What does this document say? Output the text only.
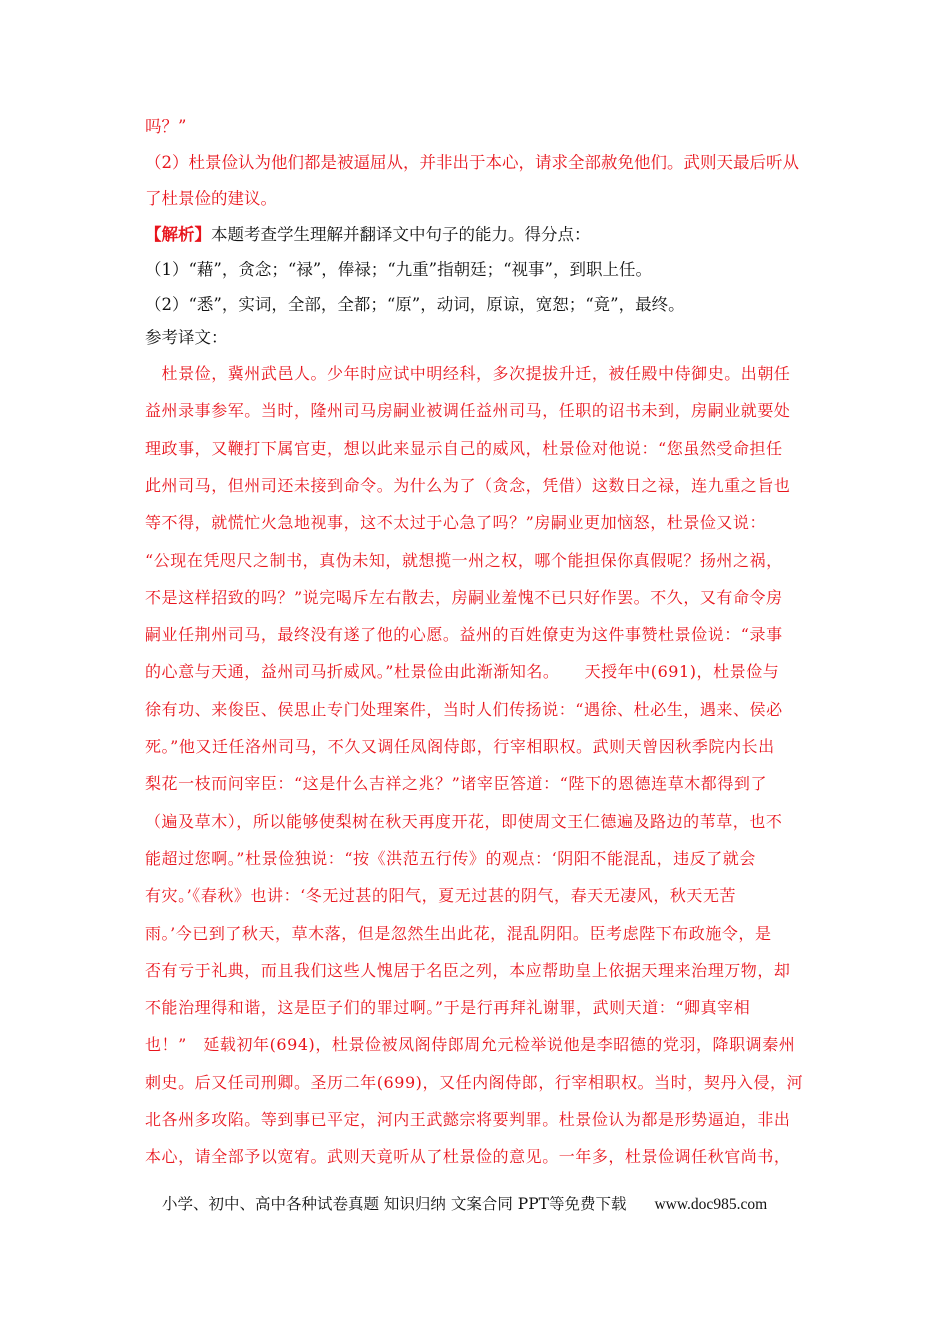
吗？”
（2）杜景俭认为他们都是被逼屈从，并非出于本心，请求全部赦免他们。武则天最后听从
了杜景俭的建议。
【解析】本题考查学生理解并翻译文中句子的能力。得分点：
（1）“藉”，贪念；“禄”，俸禄；“九重”指朝廷；“视事”，到职上任。
（2）“悉”，实词，全部，全都；“原”，动词，原谅，宽恕；“竟”，最终。
参考译文：
　杜景俭，冀州武邑人。少年时应试中明经科，多次提拔升迁，被任殿中侍御史。出朝任
益州录事参军。当时，隆州司马房嗣业被调任益州司马，任职的诏书未到，房嗣业就要处
理政事，又鞭打下属官吏，想以此来显示自己的威风，杜景俭对他说：“您虽然受命担任
此州司马，但州司还未接到命令。为什么为了（贪念，凭借）这数日之禄，连九重之旨也
等不得，就慌忙火急地视事，这不太过于心急了吗？”房嗣业更加恼怒，杜景俭又说：
“公现在凭咫尺之制书，真伪未知，就想揽一州之权，哪个能担保你真假呢？扬州之祸，
不是这样招致的吗？”说完喝斥左右散去，房嗣业羞愧不已只好作罢。不久，又有命令房
嗣业任荆州司马，最终没有遂了他的心愿。益州的百姓僚吏为这件事赞杜景俭说：“录事
的心意与天通，益州司马折威风。”杜景俭由此渐渐知名。　　天授年中(691)，杜景俭与
徐有功、来俊臣、侯思止专门处理案件，当时人们传扬说：“遇徐、杜必生，遇来、侯必
死。”他又迁任洛州司马，不久又调任凤阁侍郎，行宰相职权。武则天曾因秋季院内长出
梨花一枝而问宰臣：“这是什么吉祥之兆？”诸宰臣答道：“陛下的恩德连草木都得到了
（遍及草木），所以能够使梨树在秋天再度开花，即使周文王仁德遍及路边的苇草，也不
能超过您啊。”杜景俭独说：“按《洪范五行传》的观点：‘阴阳不能混乱，违反了就会
有灾。’《春秋》也讲：‘冬无过甚的阳气，夏无过甚的阴气，春天无凄风，秋天无苦
雨。’今已到了秋天，草木落，但是忽然生出此花，混乱阴阳。臣考虑陛下布政施令，是
否有亏于礼典，而且我们这些人愧居于名臣之列，本应帮助皇上依据天理来治理万物，却
不能治理得和谐，这是臣子们的罪过啊。”于是行再拜礼谢罪，武则天道：“卿真宰相
也！”　延载初年(694)，杜景俭被凤阁侍郎周允元检举说他是李昭德的党羽，降职调秦州
刺史。后又任司刑卿。圣历二年(699)，又任内阁侍郎，行宰相职权。当时，契丹入侵，河
北各州多攻陷。等到事已平定，河内王武懿宗将要判罪。杜景俭认为都是形势逼迫，非出
本心，请全部予以宽宥。武则天竟听从了杜景俭的意见。一年多，杜景俭调任秋官尚书，
小学、初中、高中各种试卷真题 知识归纳 文案合同 PPT等免费下载 www.doc985.com
